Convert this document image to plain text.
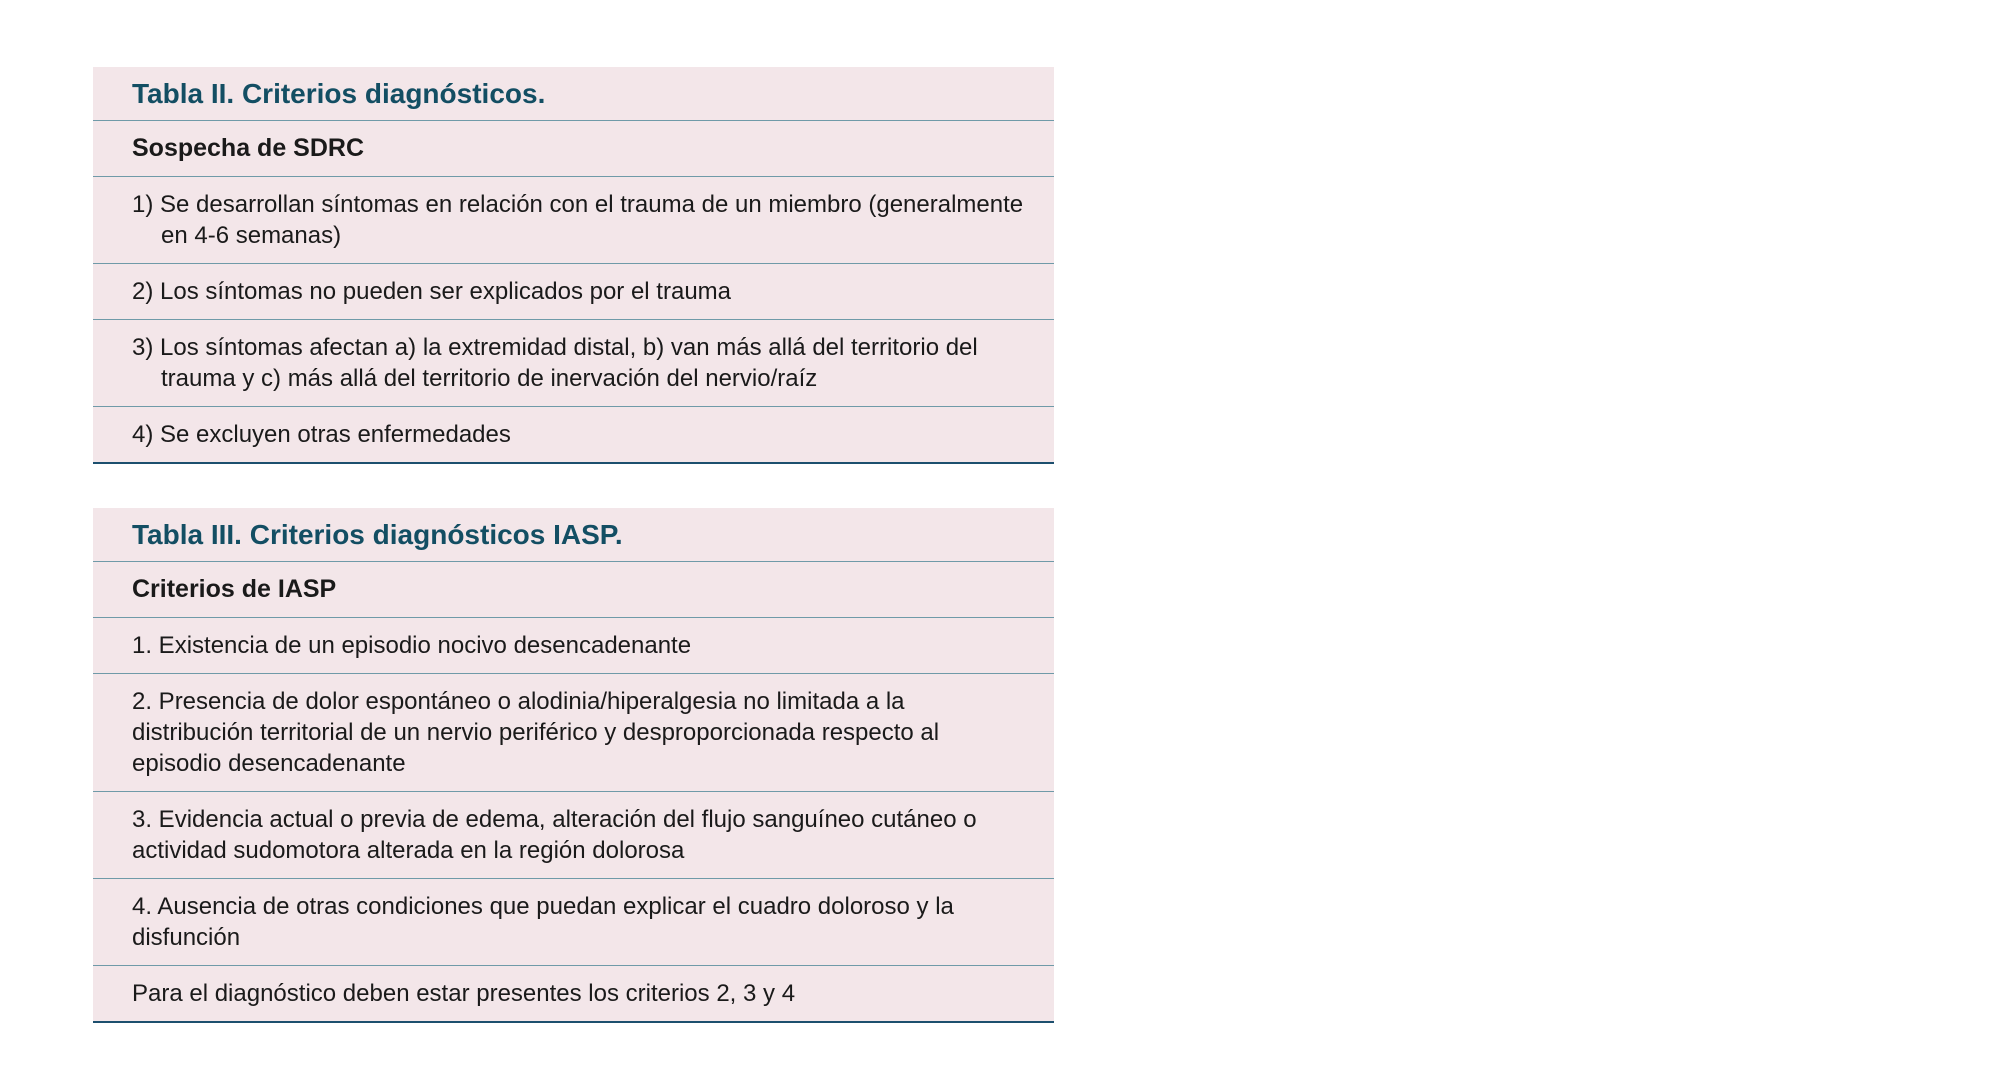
Tabla II. Criterios diagnósticos.
Sospecha de SDRC
1) Se desarrollan síntomas en relación con el trauma de un miembro (generalmente en 4-6 semanas)
2) Los síntomas no pueden ser explicados por el trauma
3) Los síntomas afectan a) la extremidad distal, b) van más allá del territorio del trauma y c) más allá del territorio de inervación del nervio/raíz
4) Se excluyen otras enfermedades
Tabla III. Criterios diagnósticos IASP.
Criterios de IASP
1. Existencia de un episodio nocivo desencadenante
2. Presencia de dolor espontáneo o alodinia/hiperalgesia no limitada a la distribución territorial de un nervio periférico y desproporcionada respecto al episodio desencadenante
3. Evidencia actual o previa de edema, alteración del flujo sanguíneo cutáneo o actividad sudomotora alterada en la región dolorosa
4. Ausencia de otras condiciones que puedan explicar el cuadro doloroso y la disfunción
Para el diagnóstico deben estar presentes los criterios 2, 3 y 4
